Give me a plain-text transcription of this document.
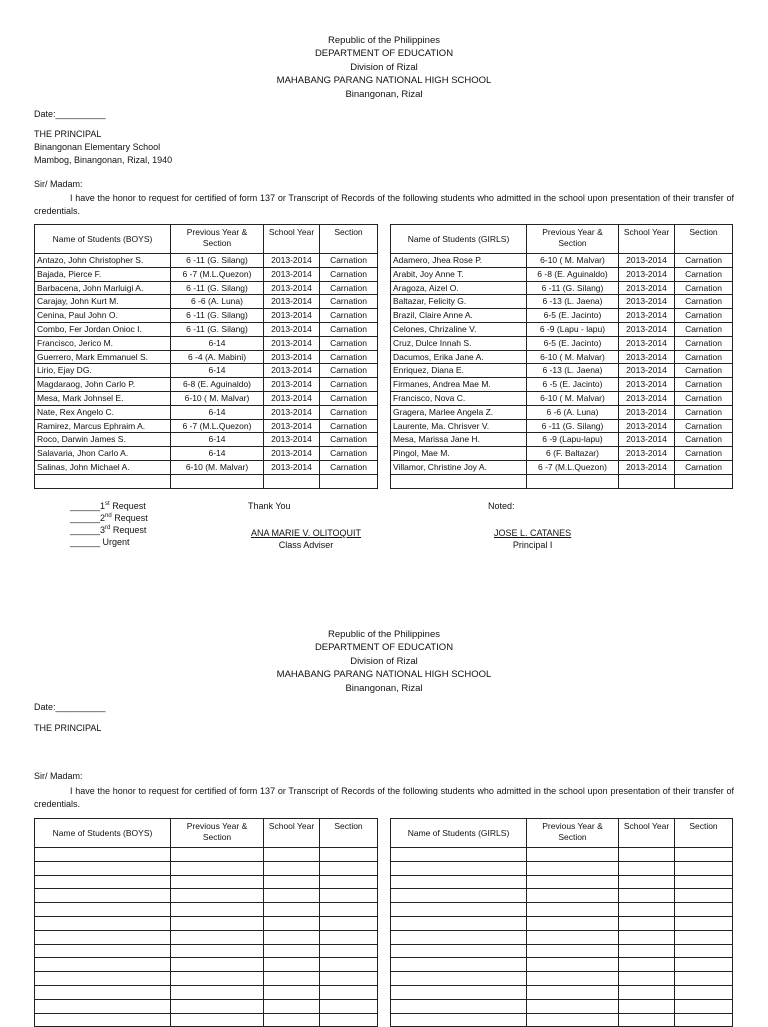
Republic of the Philippines
DEPARTMENT OF EDUCATION
Division of Rizal
MAHABANG PARANG NATIONAL HIGH SCHOOL
Binangonan, Rizal
Date:__________
THE PRINCIPAL
Binangonan Elementary School
Mambog, Binangonan, Rizal, 1940
Sir/ Madam:
I have the honor to request for certified of form 137 or Transcript of Records of the following students who admitted in the school upon presentation of their transfer of credentials.
Name of Students (BOYS)	Previous Year & Section	School Year	Section
Antazo, John Christopher S.	6 -11 (G. Silang)	2013-2014	Carnation
Bajada, Pierce F.	6 -7 (M.L.Quezon)	2013-2014	Carnation
Barbacena, John Marluigi A.	6 -11 (G. Silang)	2013-2014	Carnation
Carajay, John Kurt M.	6 -6 (A. Luna)	2013-2014	Carnation
Cenina, Paul John O.	6 -11 (G. Silang)	2013-2014	Carnation
Combo, Fer Jordan Onioc I.	6 -11 (G. Silang)	2013-2014	Carnation
Francisco, Jerico M.	6-14	2013-2014	Carnation
Guerrero, Mark Emmanuel S.	6 -4 (A. Mabini)	2013-2014	Carnation
Lirio, Ejay DG.	6-14	2013-2014	Carnation
Magdaraog, John Carlo P.	6-8 (E. Aguinaldo)	2013-2014	Carnation
Mesa, Mark Johnsel E.	6-10 ( M. Malvar)	2013-2014	Carnation
Nate, Rex Angelo C.	6-14	2013-2014	Carnation
Ramirez, Marcus Ephraim A.	6 -7 (M.L.Quezon)	2013-2014	Carnation
Roco, Darwin James S.	6-14	2013-2014	Carnation
Salavaria, Jhon Carlo A.	6-14	2013-2014	Carnation
Salinas, John Michael A.	6-10 (M. Malvar)	2013-2014	Carnation

Name of Students (GIRLS)	Previous Year & Section	School Year	Section
Adamero, Jhea Rose P.	6-10 ( M. Malvar)	2013-2014	Carnation
Arabit, Joy Anne T.	6 -8 (E. Aguinaldo)	2013-2014	Carnation
Aragoza, Aizel O.	6 -11 (G. Silang)	2013-2014	Carnation
Baltazar, Felicity G.	6 -13 (L. Jaena)	2013-2014	Carnation
Brazil, Claire Anne A.	6-5 (E. Jacinto)	2013-2014	Carnation
Celones, Chrizaline V.	6 -9 (Lapu - lapu)	2013-2014	Carnation
Cruz, Dulce Innah S.	6-5 (E. Jacinto)	2013-2014	Carnation
Dacumos, Erika Jane A.	6-10 ( M. Malvar)	2013-2014	Carnation
Enriquez, Diana E.	6 -13 (L. Jaena)	2013-2014	Carnation
Firmanes, Andrea Mae M.	6 -5 (E. Jacinto)	2013-2014	Carnation
Francisco, Nova C.	6-10 ( M. Malvar)	2013-2014	Carnation
Gragera, Marlee Angela Z.	6 -6 (A. Luna)	2013-2014	Carnation
Laurente, Ma. Chrisver V.	6 -11 (G. Silang)	2013-2014	Carnation
Mesa, Marissa Jane H.	6 -9 (Lapu-lapu)	2013-2014	Carnation
Pingol, Mae M.	6 (F. Baltazar)	2013-2014	Carnation
Villamor, Christine Joy A.	6 -7 (M.L.Quezon)	2013-2014	Carnation

______1st Request
______2nd Request
______3rd Request
______ Urgent
Thank You
ANA MARIE V. OLITOQUIT
Class Adviser
Noted:
JOSE L. CATANES
Principal I
Republic of the Philippines
DEPARTMENT OF EDUCATION
Division of Rizal
MAHABANG PARANG NATIONAL HIGH SCHOOL
Binangonan, Rizal
Date:__________
THE PRINCIPAL
Sir/ Madam:
I have the honor to request for certified of form 137 or Transcript of Records of the following students who admitted in the school upon presentation of their transfer of credentials.
Name of Students (BOYS)	Previous Year & Section	School Year	Section

Name of Students (GIRLS)	Previous Year & Section	School Year	Section
